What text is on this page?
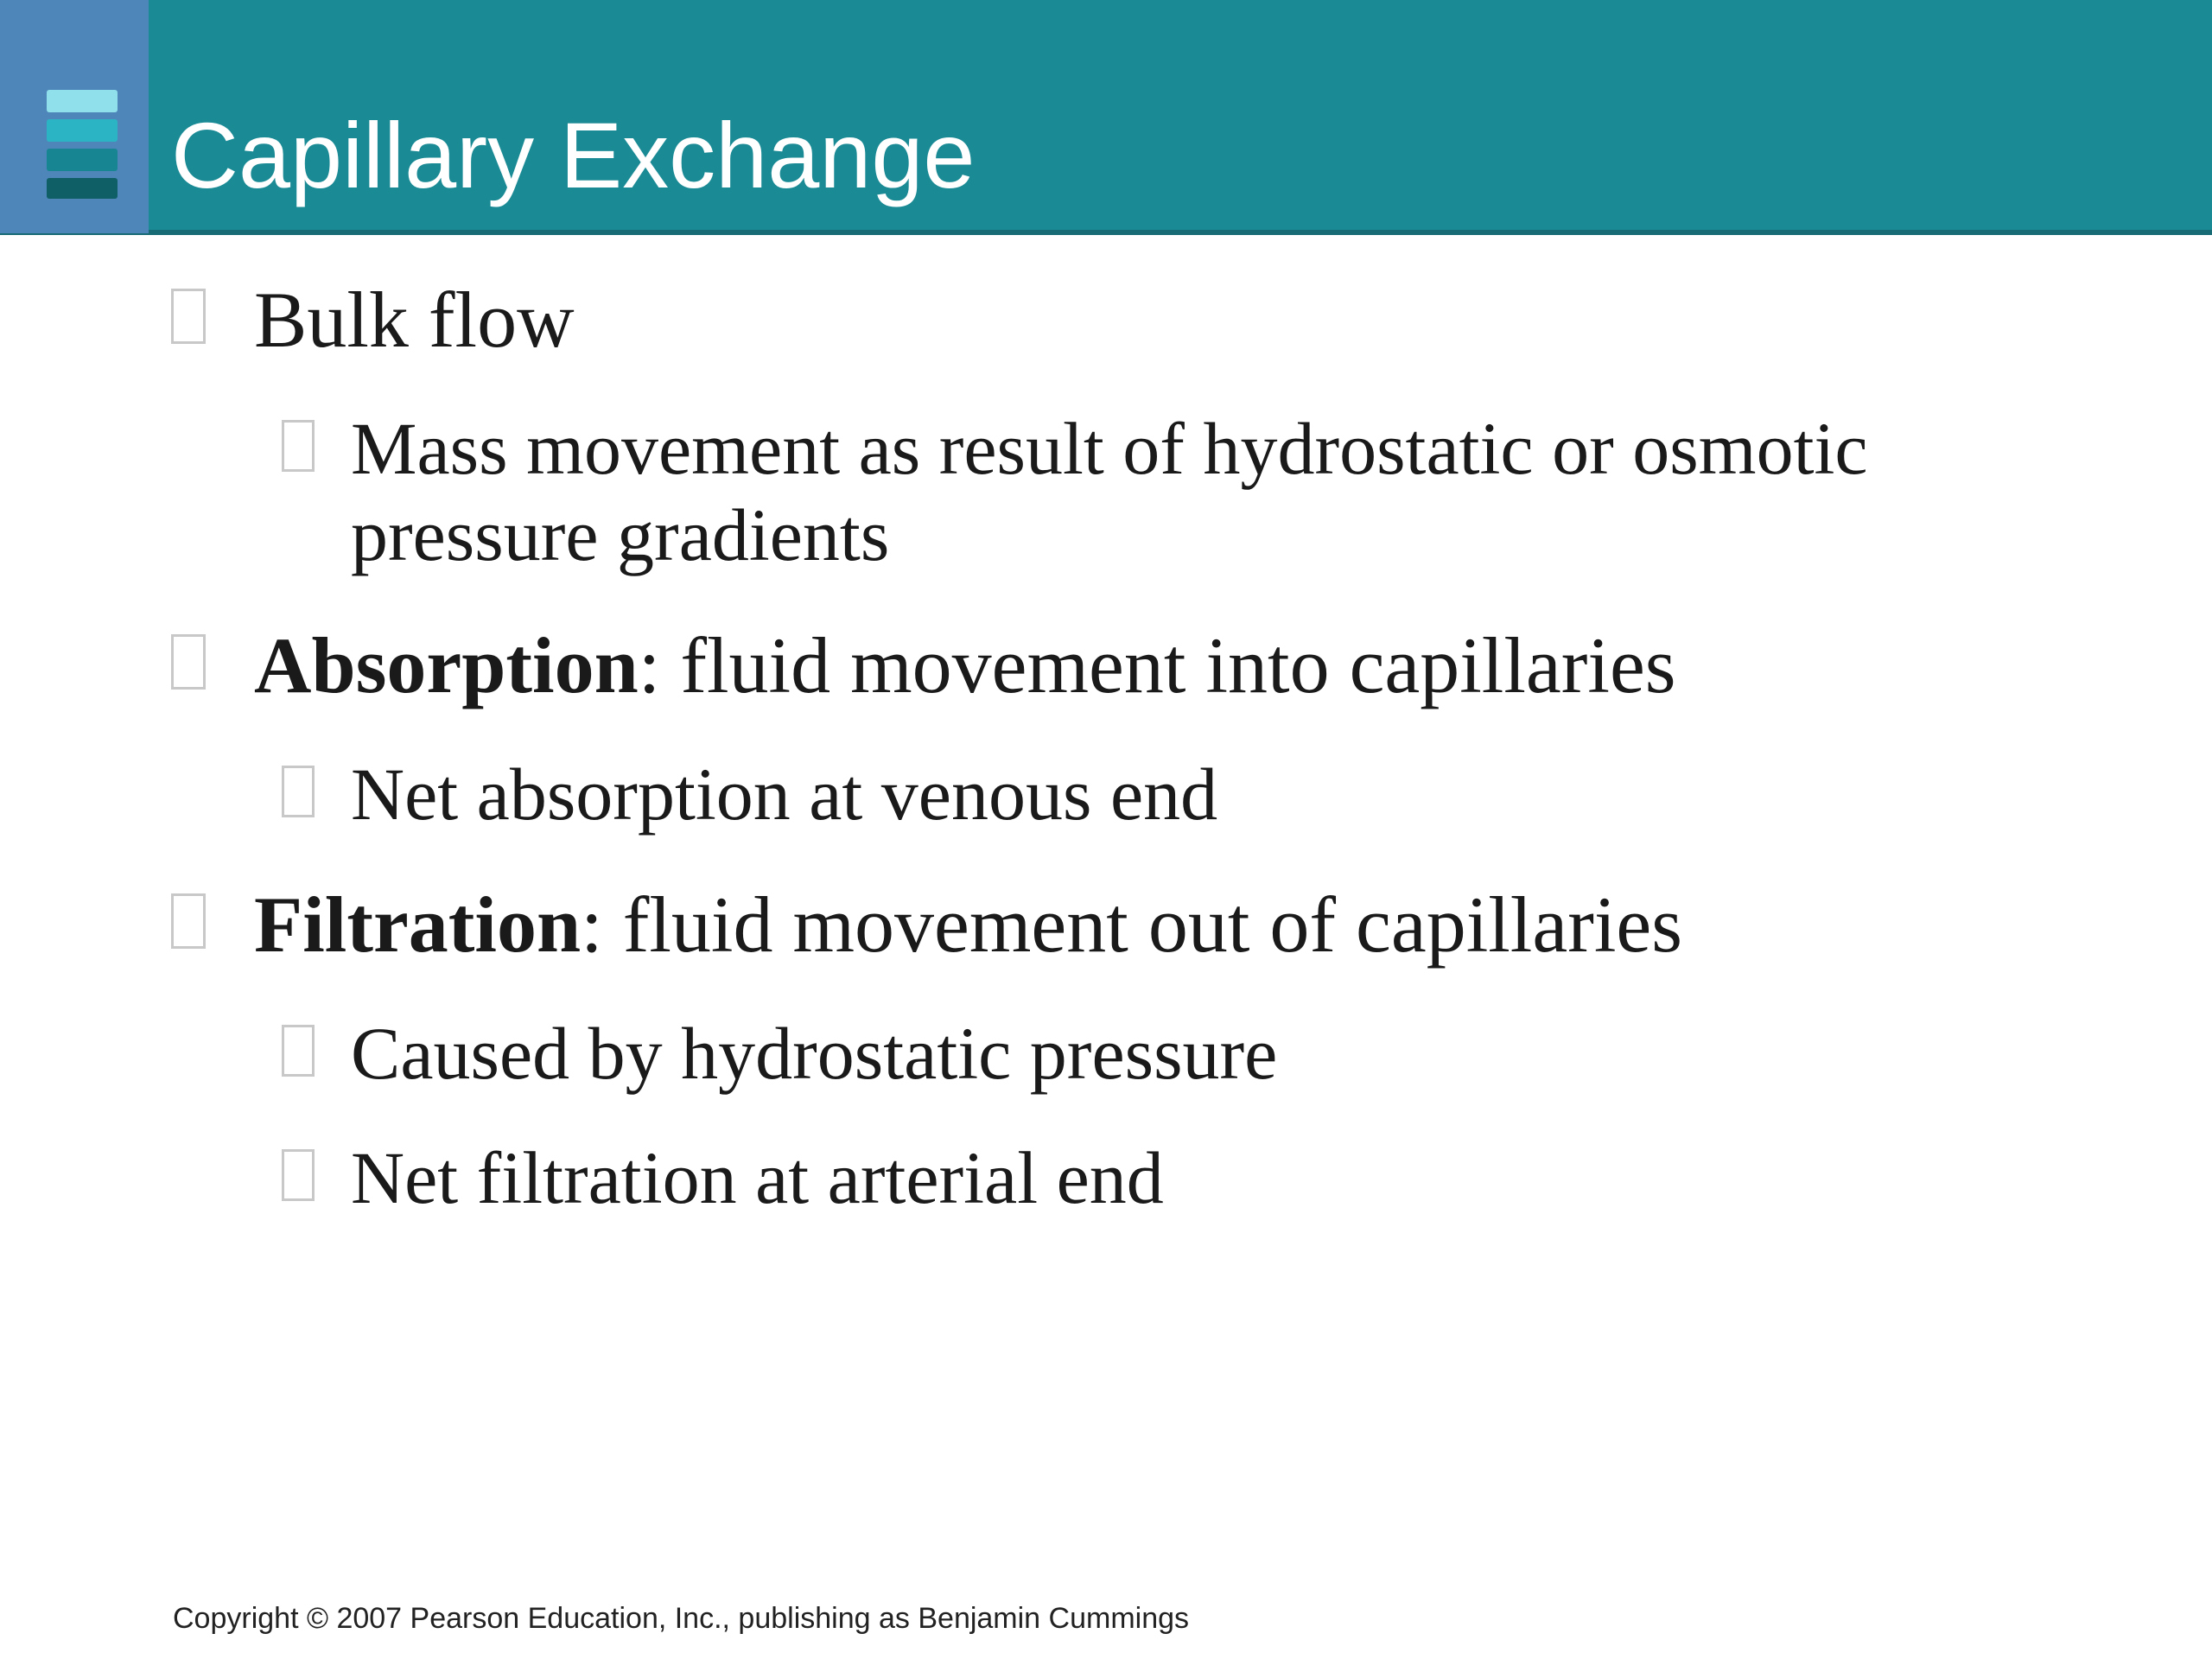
Capillary Exchange
Bulk flow
Mass movement as result of hydrostatic or osmotic
pressure gradients
Absorption: fluid movement into capillaries
Net absorption at venous end
Filtration: fluid movement out of capillaries
Caused by hydrostatic pressure
Net filtration at arterial end
Copyright © 2007 Pearson Education, Inc., publishing as Benjamin Cummings
